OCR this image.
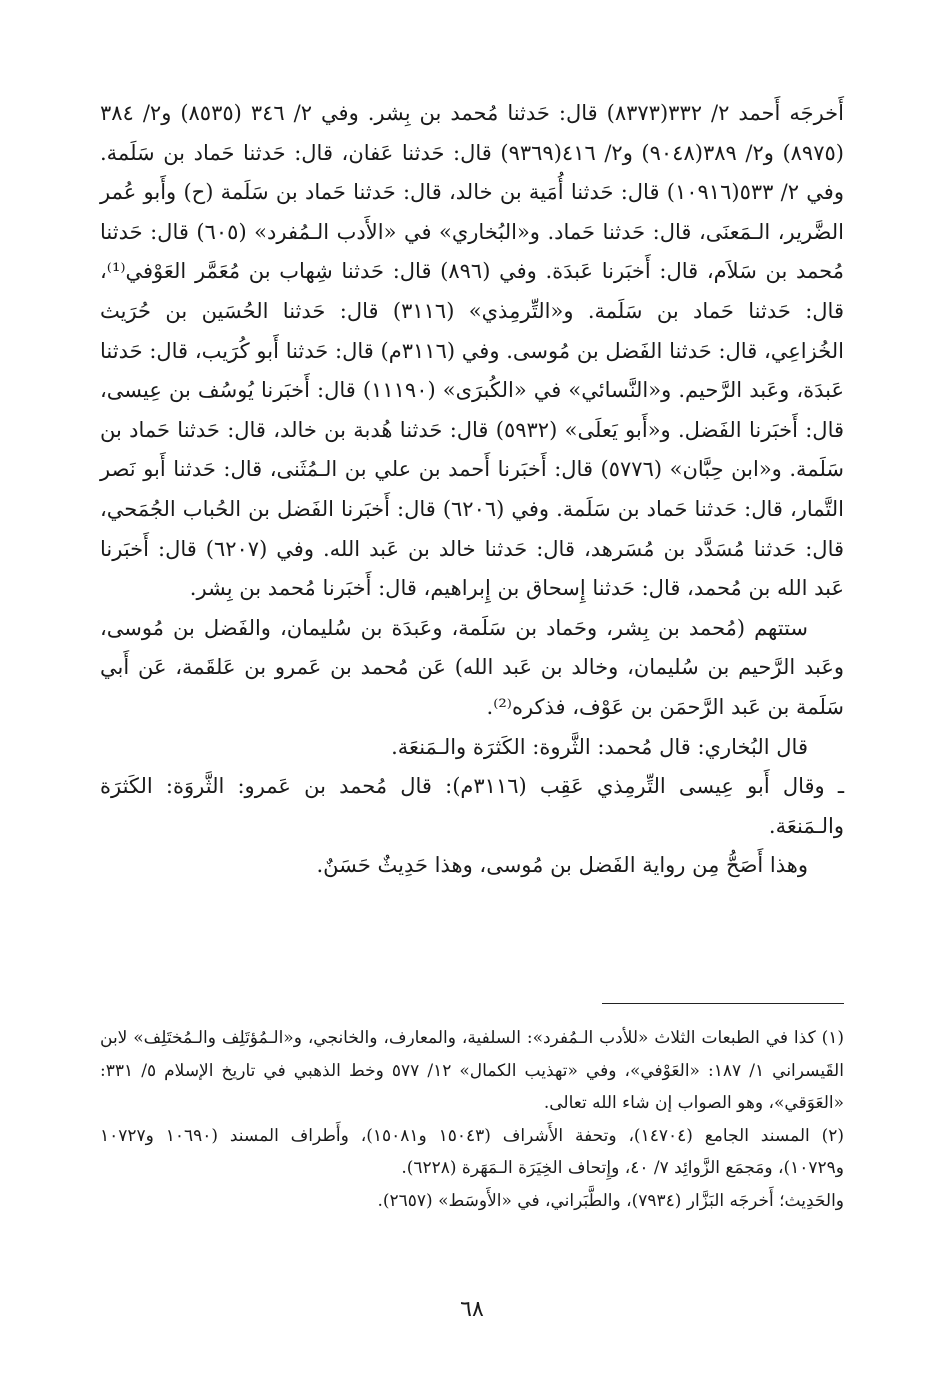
أَخرجَه أَحمد ٢/ ٣٣٢(٨٣٧٣) قال: حَدثنا مُحمد بن بِشر. وفي ٢/ ٣٤٦ (٨٥٣٥) و٢/ ٣٨٤ (٨٩٧٥) و٢/ ٣٨٩(٩٠٤٨) و٢/ ٤١٦(٩٣٦٩) قال: حَدثنا عَفان، قال: حَدثنا حَماد بن سَلَمة. وفي ٢/ ٥٣٣(١٠٩١٦) قال: حَدثنا أُمَية بن خالد، قال: حَدثنا حَماد بن سَلَمة (ح) وأَبو عُمر الضَّرير، الـمَعنَى، قال: حَدثنا حَماد. و«البُخاري» في «الأَدب الـمُفرد» (٦٠٥) قال: حَدثنا مُحمد بن سَلاَم، قال: أَخبَرنا عَبدَة. وفي (٨٩٦) قال: حَدثنا شِهاب بن مُعَمَّر العَوْفي⁽¹⁾، قال: حَدثنا حَماد بن سَلَمة. و«التِّرمِذي» (٣١١٦) قال: حَدثنا الحُسَين بن حُرَيث الخُزاعِي، قال: حَدثنا الفَضل بن مُوسى. وفي (٣١١٦م) قال: حَدثنا أَبو كُرَيب، قال: حَدثنا عَبدَة، وعَبد الرَّحيم. و«النَّسائي» في «الكُبرَى» (١١١٩٠) قال: أَخبَرنا يُوسُف بن عِيسى، قال: أَخبَرنا الفَضل. و«أَبو يَعلَى» (٥٩٣٢) قال: حَدثنا هُدبة بن خالد، قال: حَدثنا حَماد بن سَلَمة. و«ابن حِبَّان» (٥٧٧٦) قال: أَخبَرنا أَحمد بن علي بن الـمُثَنى، قال: حَدثنا أَبو نَصر التَّمار، قال: حَدثنا حَماد بن سَلَمة. وفي (٦٢٠٦) قال: أَخبَرنا الفَضل بن الحُباب الجُمَحي، قال: حَدثنا مُسَدَّد بن مُسَرهد، قال: حَدثنا خالد بن عَبد الله. وفي (٦٢٠٧) قال: أَخبَرنا عَبد الله بن مُحمد، قال: حَدثنا إِسحاق بن إِبراهيم، قال: أَخبَرنا مُحمد بن بِشر.

ستتهم (مُحمد بن بِشر، وحَماد بن سَلَمة، وعَبدَة بن سُليمان، والفَضل بن مُوسى، وعَبد الرَّحيم بن سُليمان، وخالد بن عَبد الله) عَن مُحمد بن عَمرو بن عَلقَمة، عَن أَبي سَلَمة بن عَبد الرَّحمَن بن عَوْف، فذكره⁽²⁾.

قال البُخاري: قال مُحمد: الثَّروة: الكَثرَة والـمَنعَة.

ـ وقال أَبو عِيسى التِّرمِذي عَقِب (٣١١٦م): قال مُحمد بن عَمرو: الثَّروَة: الكَثرَة والـمَنعَة.

وهذا أَصَحُّ مِن رواية الفَضل بن مُوسى، وهذا حَدِيثٌ حَسَنٌ.

(١) كذا في الطبعات الثلاث «للأدب الـمُفرد»: السلفية، والمعارف، والخانجي، و«الـمُؤتَلِف والـمُختَلِف» لابن القَيسراني ١/ ١٨٧: «العَوْفي»، وفي «تهذيب الكمال» ١٢/ ٥٧٧ وخط الذهبي في تاريخ الإسلام ٥/ ٣٣١: «العَوَقي»، وهو الصواب إن شاء الله تعالى.

(٢) المسند الجامع (١٤٧٠٤)، وتحفة الأَشراف (١٥٠٤٣ و١٥٠٨١)، وأَطراف المسند (١٠٦٩٠ و١٠٧٢٧ و١٠٧٢٩)، ومَجمَع الزَّوائِد ٧/ ٤٠، وإِتحاف الخِيَرَة الـمَهَرة (٦٢٢٨).

والحَدِيث؛ أَخرجَه البَزَّار (٧٩٣٤)، والطَّبَراني، في «الأَوسَط» (٢٦٥٧).

٦٨
